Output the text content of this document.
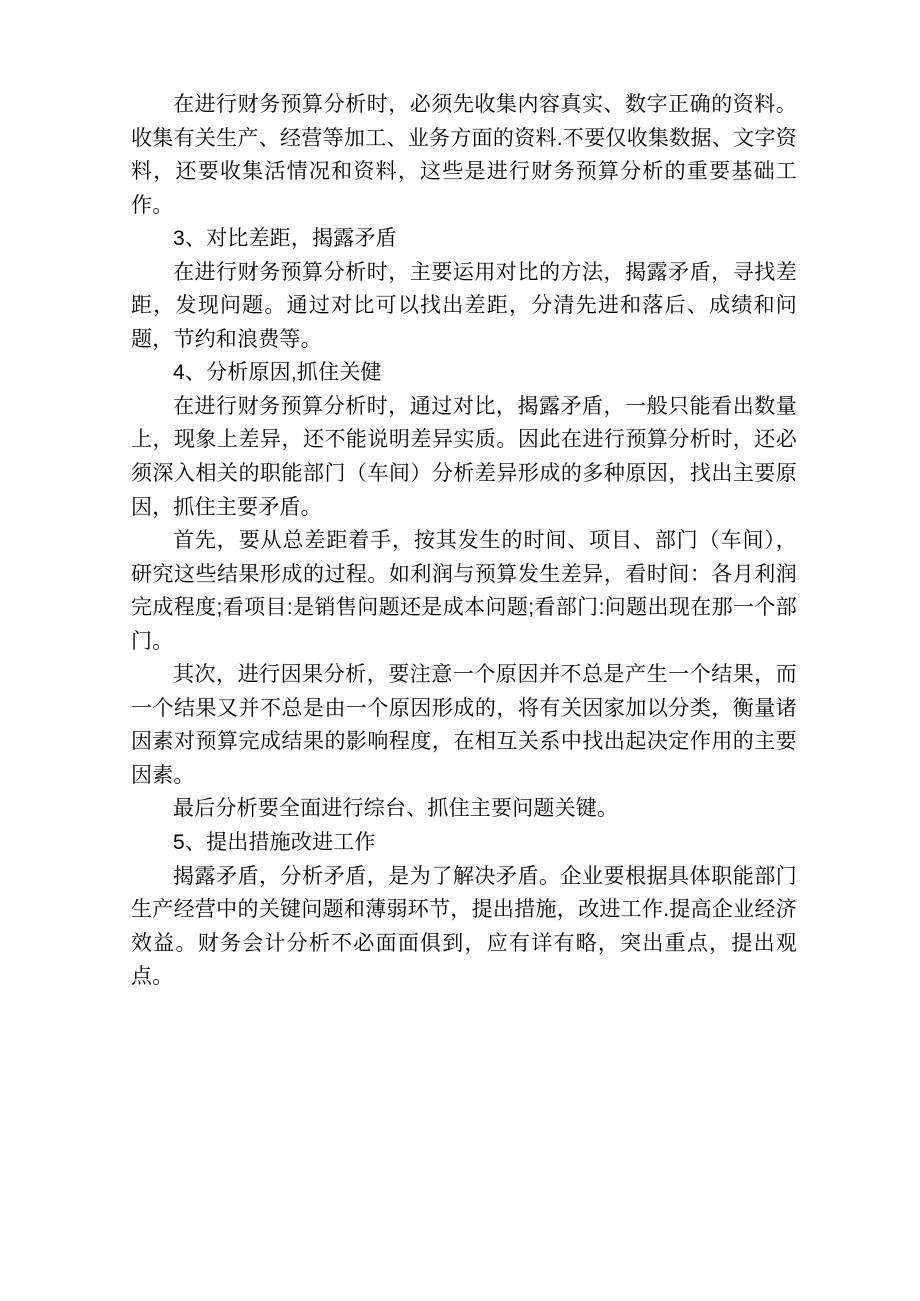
在进行财务预算分析时，必须先收集内容真实、数字正确的资料。收集有关生产、经营等加工、业务方面的资料.不要仅收集数据、文字资料，还要收集活情况和资料，这些是进行财务预算分析的重要基础工作。

3、对比差距，揭露矛盾

在进行财务预算分析时，主要运用对比的方法，揭露矛盾，寻找差距，发现问题。通过对比可以找出差距，分清先进和落后、成绩和问题，节约和浪费等。

4、分析原因,抓住关健

在进行财务预算分析时，通过对比，揭露矛盾，一般只能看出数量上，现象上差异，还不能说明差异实质。因此在进行预算分析时，还必须深入相关的职能部门（车间）分析差异形成的多种原因，找出主要原因，抓住主要矛盾。

首先，要从总差距着手，按其发生的时间、项目、部门（车间），研究这些结果形成的过程。如利润与预算发生差异，看时间：各月利润完成程度;看项目:是销售问题还是成本问题;看部门:问题出现在那一个部门。

其次，进行因果分析，要注意一个原因并不总是产生一个结果，而一个结果又并不总是由一个原因形成的，将有关因家加以分类，衡量诸因素对预算完成结果的影响程度，在相互关系中找出起决定作用的主要因素。

最后分析要全面进行综台、抓住主要问题关键。

5、提出措施改进工作

揭露矛盾，分析矛盾，是为了解决矛盾。企业要根据具体职能部门生产经营中的关键问题和薄弱环节，提出措施，改进工作.提高企业经济效益。财务会计分析不必面面俱到，应有详有略，突出重点，提出观点。
